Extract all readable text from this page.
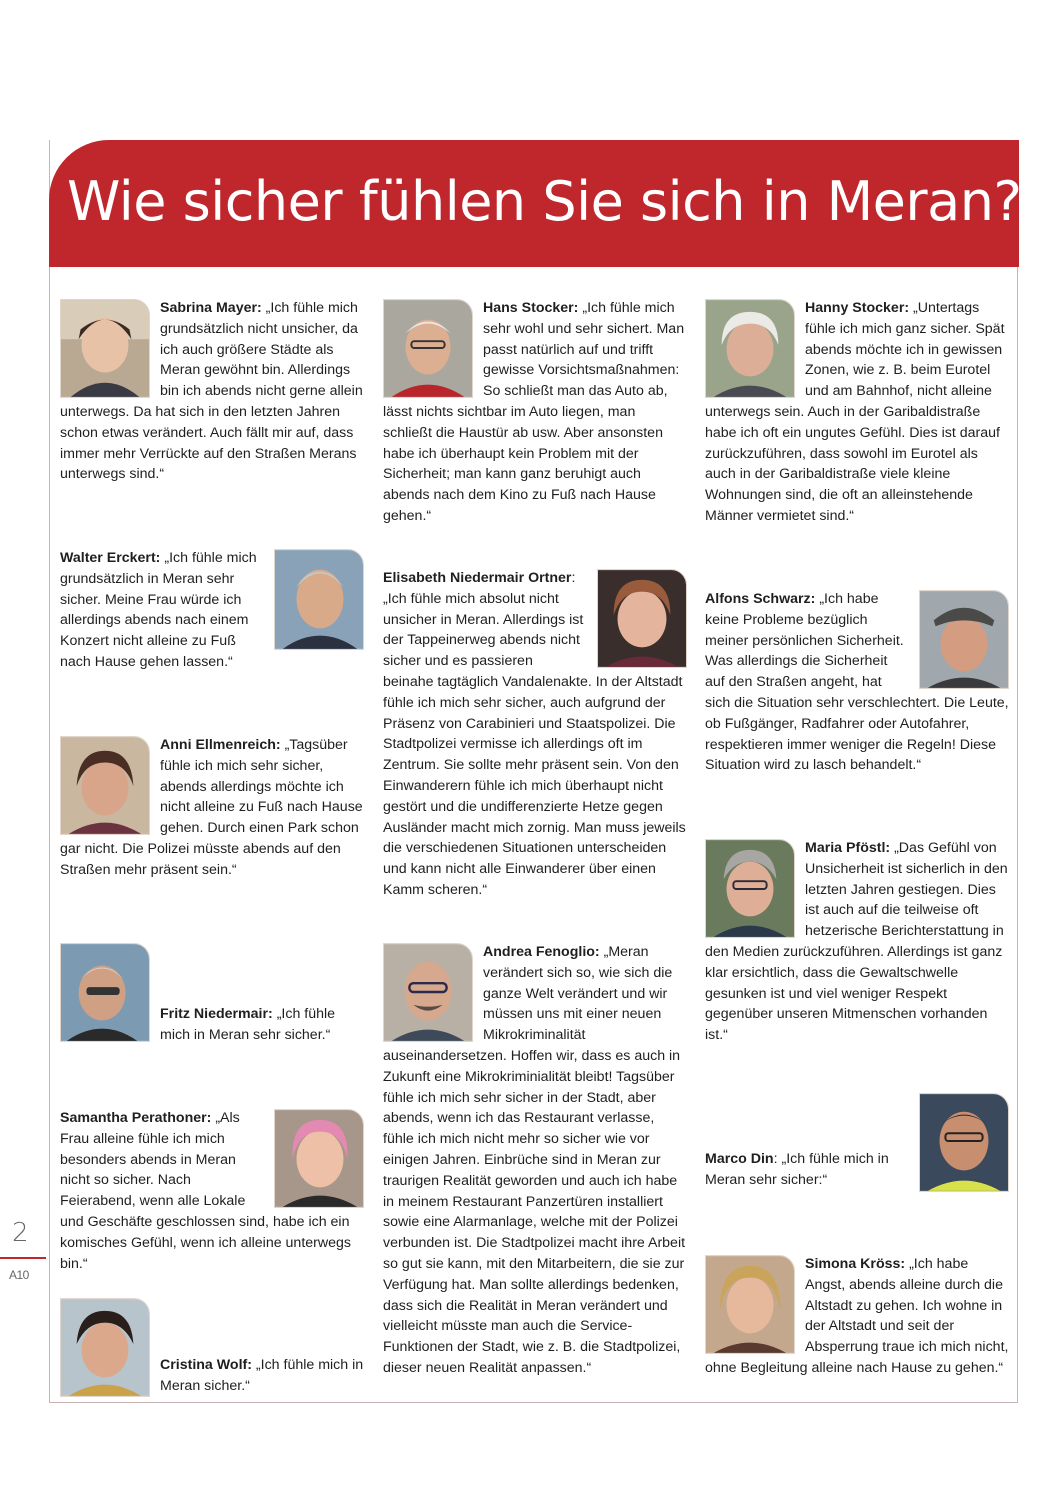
Wie sicher fühlen Sie sich in Meran?
2
A10
Sabrina Mayer: „Ich fühle mich grundsätzlich nicht unsicher, da ich auch größere Städte als Meran gewöhnt bin. Allerdings bin ich abends nicht gerne allein unterwegs. Da hat sich in den letzten Jahren schon etwas verändert. Auch fällt mir auf, dass immer mehr Verrückte auf den Straßen Merans unterwegs sind.“
Walter Erckert: „Ich fühle mich grundsätzlich in Meran sehr sicher. Meine Frau würde ich allerdings abends nach einem Konzert nicht alleine zu Fuß nach Hause gehen lassen.“
Anni Ellmenreich: „Tagsüber fühle ich mich sehr sicher, abends allerdings möchte ich nicht alleine zu Fuß nach Hause gehen. Durch einen Park schon gar nicht. Die Polizei müsste abends auf den Straßen mehr präsent sein.“
Fritz Niedermair: „Ich fühle mich in Meran sehr sicher.“
Samantha Perathoner: „Als Frau alleine fühle ich mich besonders abends in Meran nicht so sicher. Nach Feierabend, wenn alle Lokale und Geschäfte geschlossen sind, habe ich ein komisches Gefühl, wenn ich alleine unterwegs bin.“
Cristina Wolf: „Ich fühle mich in Meran sicher.“
Hans Stocker: „Ich fühle mich sehr wohl und sehr sichert. Man passt natürlich auf und trifft gewisse Vorsichtsmaßnahmen: So schließt man das Auto ab, lässt nichts sichtbar im Auto liegen, man schließt die Haustür ab usw. Aber ansonsten habe ich überhaupt kein Problem mit der Sicherheit; man kann ganz beruhigt auch abends nach dem Kino zu Fuß nach Hause gehen.“
Elisabeth Niedermair Ortner: „Ich fühle mich absolut nicht unsicher in Meran. Allerdings ist der Tappeinerweg abends nicht sicher und es passieren beinahe tagtäglich Vandalenakte. In der Altstadt fühle ich mich sehr sicher, auch aufgrund der Präsenz von Carabinieri und Staatspolizei. Die Stadtpolizei vermisse ich allerdings oft im Zentrum. Sie sollte mehr präsent sein. Von den Einwanderern fühle ich mich überhaupt nicht gestört und die undifferenzierte Hetze gegen Ausländer macht mich zornig. Man muss jeweils die verschiedenen Situationen unterscheiden und kann nicht alle Einwanderer über einen Kamm scheren.“
Andrea Fenoglio: „Meran verändert sich so, wie sich die ganze Welt verändert und wir müssen uns mit einer neuen Mikrokriminalität auseinandersetzen. Hoffen wir, dass es auch in Zukunft eine Mikrokriminialität bleibt! Tagsüber fühle ich mich sehr sicher in der Stadt, aber abends, wenn ich das Restaurant verlasse, fühle ich mich nicht mehr so sicher wie vor einigen Jahren. Einbrüche sind in Meran zur traurigen Realität geworden und auch ich habe in meinem Restaurant Panzertüren installiert sowie eine Alarmanlage, welche mit der Polizei verbunden ist. Die Stadtpolizei macht ihre Arbeit so gut sie kann, mit den Mitarbeitern, die sie zur Verfügung hat. Man sollte allerdings bedenken, dass sich die Realität in Meran verändert und vielleicht müsste man auch die Service-Funktionen der Stadt, wie z. B. die Stadtpolizei, dieser neuen Realität anpassen.“
Hanny Stocker: „Untertags fühle ich mich ganz sicher. Spät abends möchte ich in gewissen Zonen, wie z. B. beim Eurotel und am Bahnhof, nicht alleine unterwegs sein. Auch in der Garibaldistraße habe ich oft ein ungutes Gefühl. Dies ist darauf zurückzuführen, dass sowohl im Eurotel als auch in der Garibaldistraße viele kleine Wohnungen sind, die oft an alleinstehende Männer vermietet sind.“
Alfons Schwarz: „Ich habe keine Probleme bezüglich meiner persönlichen Sicherheit. Was allerdings die Sicherheit auf den Straßen angeht, hat sich die Situation sehr verschlechtert. Die Leute, ob Fußgänger, Radfahrer oder Autofahrer, respektieren immer weniger die Regeln! Diese Situation wird zu lasch behandelt.“
Maria Pföstl: „Das Gefühl von Unsicherheit ist sicherlich in den letzten Jahren gestiegen. Dies ist auch auf die teilweise oft hetzerische Berichterstattung in den Medien zurückzuführen. Allerdings ist ganz klar ersichtlich, dass die Gewaltschwelle gesunken ist und viel weniger Respekt gegenüber unseren Mitmenschen vorhanden ist.“
Marco Din: „Ich fühle mich in Meran sehr sicher:“
Simona Kröss: „Ich habe Angst, abends alleine durch die Altstadt zu gehen. Ich wohne in der Altstadt und seit der Absperrung traue ich mich nicht, ohne Begleitung alleine nach Hause zu gehen.“
